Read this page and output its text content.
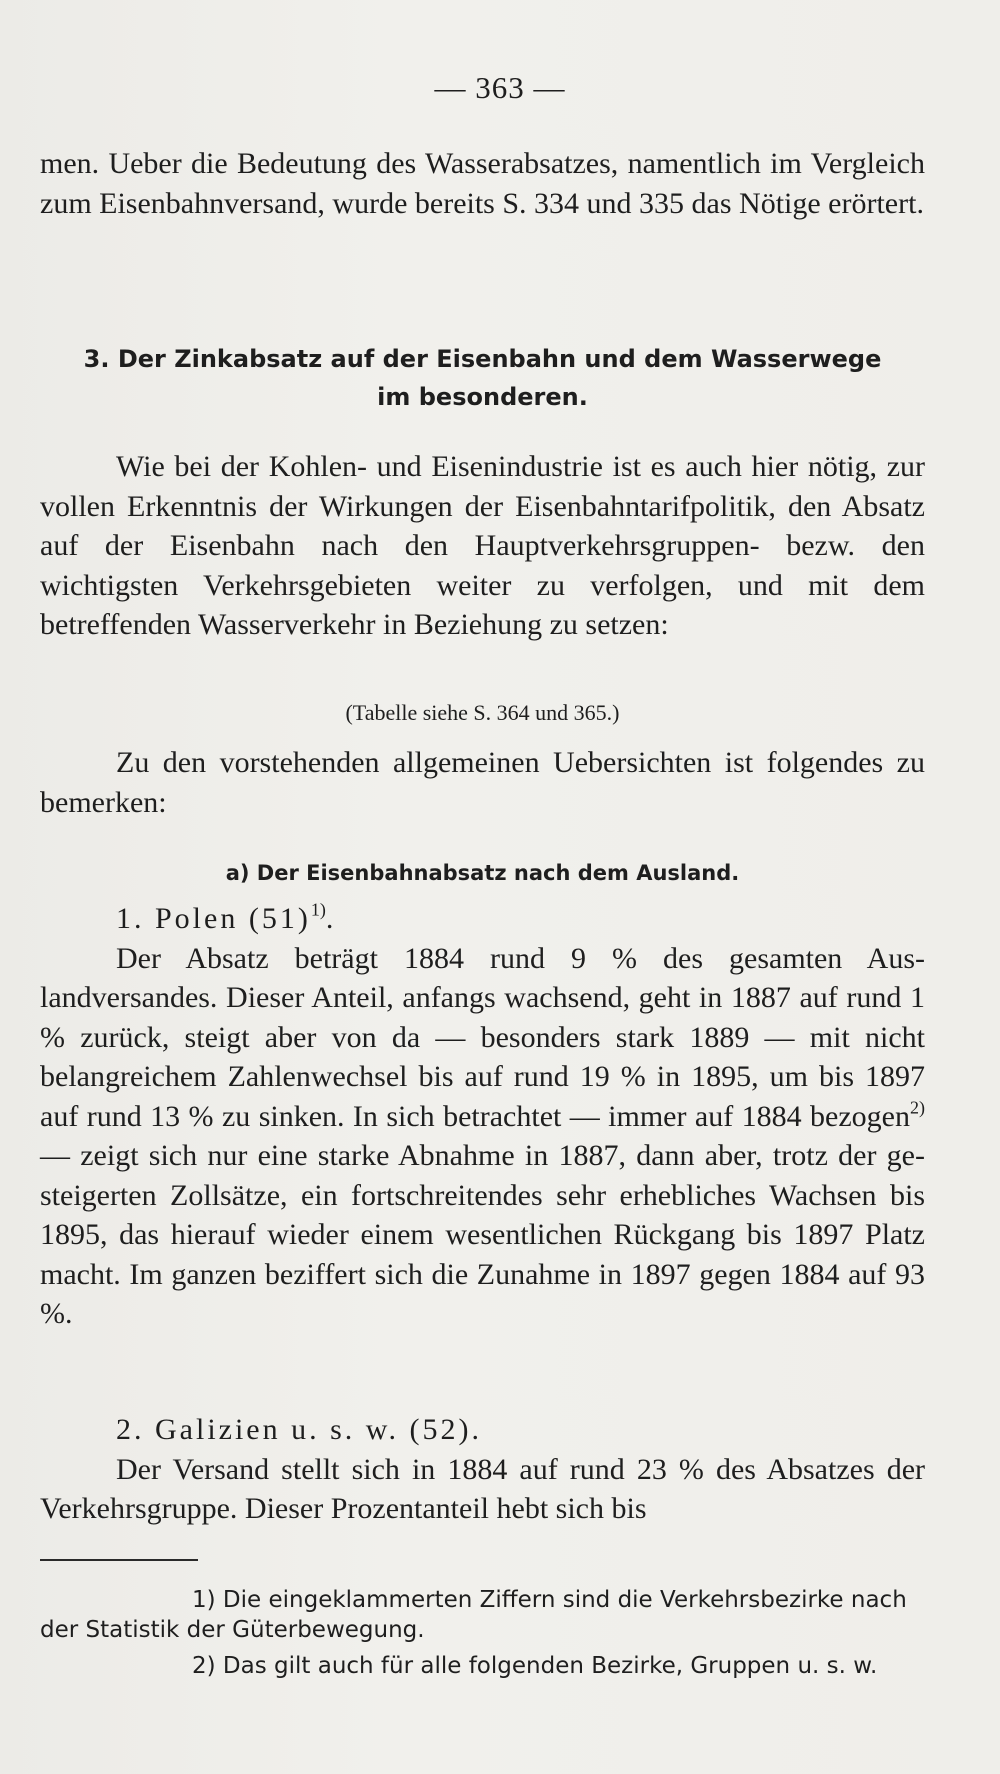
— 363 —

men. Ueber die Bedeutung des Wasserabsatzes, namentlich im Vergleich zum Eisenbahnversand, wurde bereits S. 334 und 335 das Nötige erörtert.

3. Der Zinkabsatz auf der Eisenbahn und dem Wasserwege

im besonderen.

Wie bei der Kohlen- und Eisenindustrie ist es auch hier nötig, zur vollen Erkenntnis der Wirkungen der Eisenbahntarifpolitik, den Absatz auf der Eisenbahn nach den Hauptverkehrsgruppen- bezw. den wichtigsten Verkehrsgebieten weiter zu verfolgen, und mit dem betreffenden Wasserverkehr in Beziehung zu setzen:

(Tabelle siehe S. 364 und 365.)

Zu den vorstehenden allgemeinen Uebersichten ist folgendes zu bemerken:

a) Der Eisenbahnabsatz nach dem Ausland.

1. Polen $(51)^{1)}$.

Der Absatz beträgt 1884 rund 9 % des gesamten Auslandversandes. Dieser Anteil, anfangs wachsend, geht in 1887 auf rund 1 % zurück, steigt aber von da — besonders stark 1889 — mit nicht belangreichem Zahlenwechsel bis auf rund 19 % in 1895, um bis 1897 auf rund 13 % zu sinken. In sich betrachtet — immer auf 1884 bezogen$^{2)}$ — zeigt sich nur eine starke Abnahme in 1887, dann aber, trotz der gesteigerten Zollsätze, ein fortschreitendes sehr erhebliches Wachsen bis 1895, das hierauf wieder einem wesentlichen Rückgang bis 1897 Platz macht. Im ganzen beziffert sich die Zunahme in 1897 gegen 1884 auf 93 %.

2. Galizien u. s. w. (52).

Der Versand stellt sich in 1884 auf rund 23 % des Absatzes der Verkehrsgruppe. Dieser Prozentanteil hebt sich bis

1) Die eingeklammerten Ziffern sind die Verkehrsbezirke nach der Statistik der Güterbewegung.
2) Das gilt auch für alle folgenden Bezirke, Gruppen u. s. w.
